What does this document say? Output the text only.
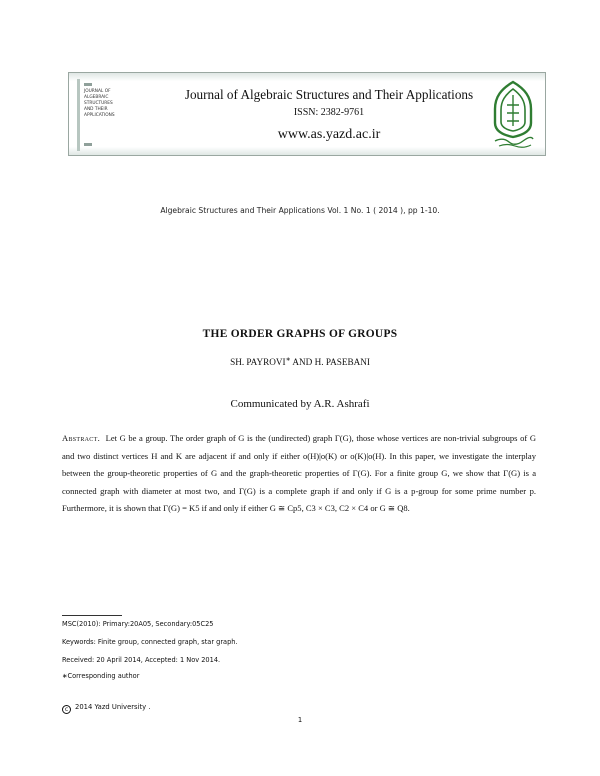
JOURNAL OF
ALGEBRAIC
STRUCTURES
AND THEIR
APPLICATIONS
Journal of Algebraic Structures and Their Applications
ISSN: 2382-9761
www.as.yazd.ac.ir
Algebraic Structures and Their Applications Vol. 1 No. 1 ( 2014 ), pp 1-10.
THE ORDER GRAPHS OF GROUPS
SH. PAYROVI∗ AND H. PASEBANI
Communicated by A.R. Ashrafi
Abstract. Let G be a group. The order graph of G is the (undirected) graph Γ(G), those whose vertices are non-trivial subgroups of G and two distinct vertices H and K are adjacent if and only if either o(H)|o(K) or o(K)|o(H). In this paper, we investigate the interplay between the group-theoretic properties of G and the graph-theoretic properties of Γ(G). For a finite group G, we show that Γ(G) is a connected graph with diameter at most two, and Γ(G) is a complete graph if and only if G is a p-group for some prime number p. Furthermore, it is shown that Γ(G) = K5 if and only if either G ≅ Cp5, C3 × C3, C2 × C4 or G ≅ Q8.
MSC(2010): Primary:20A05, Secondary:05C25
Keywords: Finite group, connected graph, star graph.
Received: 20 April 2014, Accepted: 1 Nov 2014.
∗Corresponding author
c 2014 Yazd University .
1
